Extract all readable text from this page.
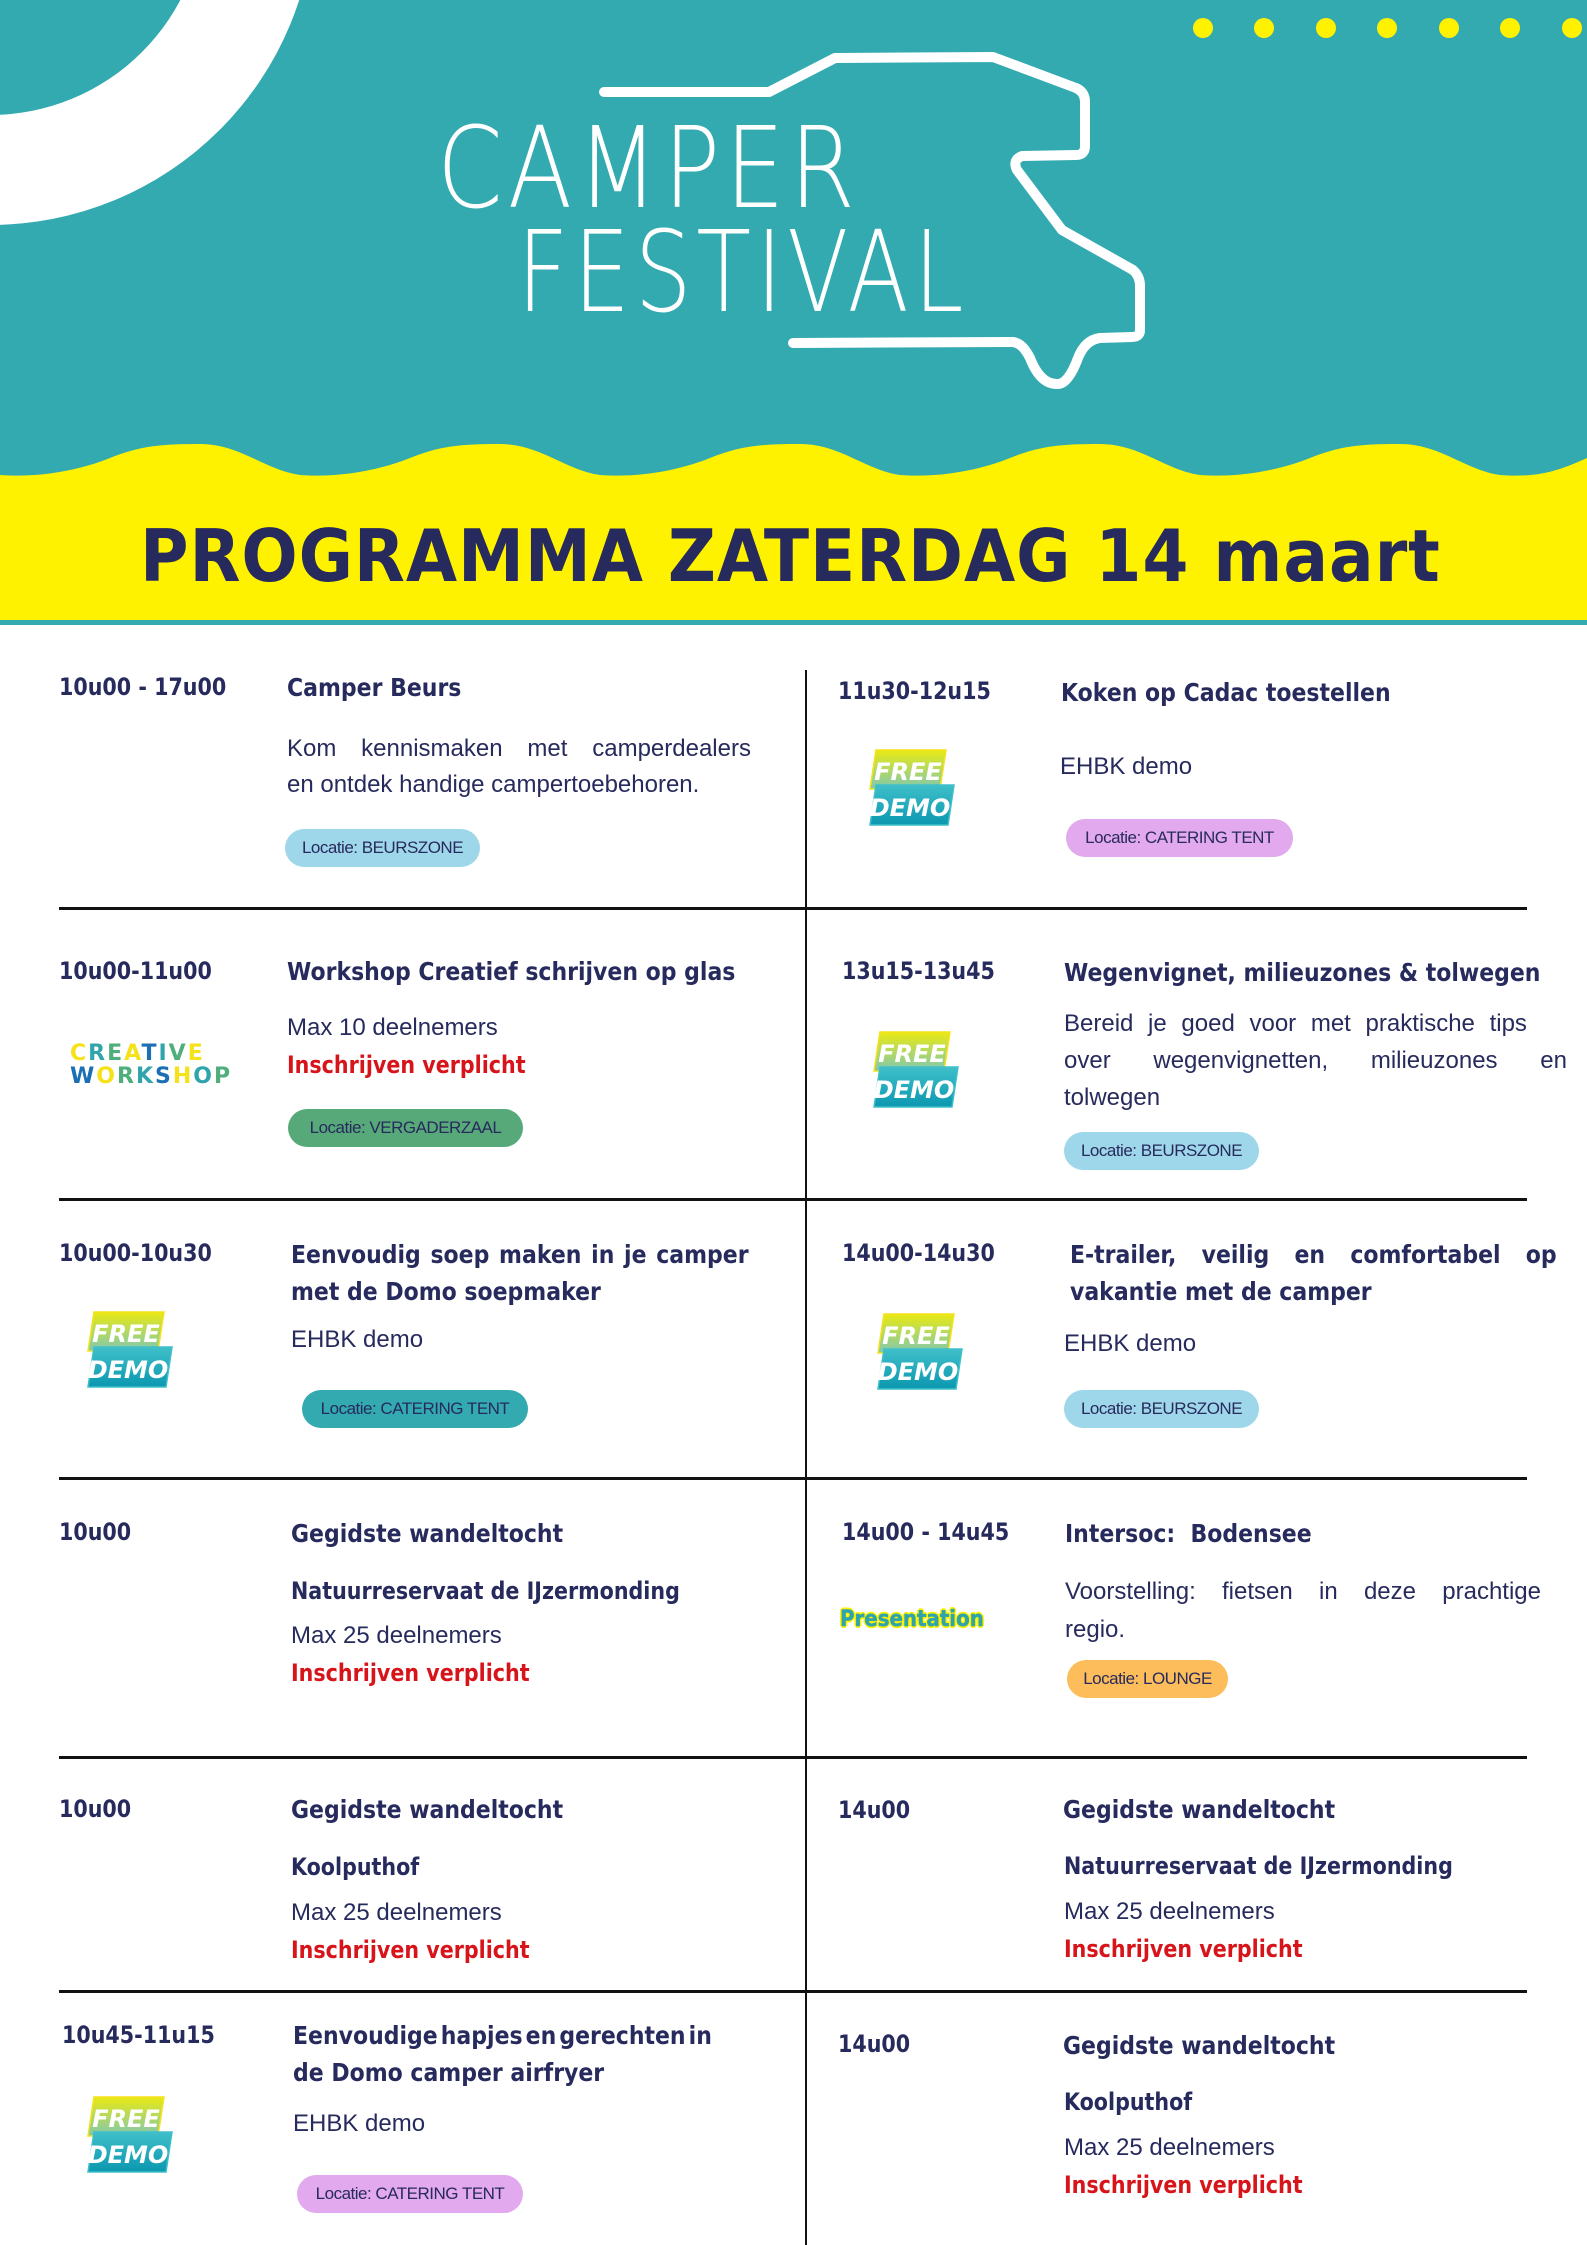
CAMPER
FESTIVAL
PROGRAMMA ZATERDAG 14 maart
10u00 - 17u00 Camper Beurs
Kom kennismaken met camperdealers
en ontdek handige campertoebehoren.
Locatie: BEURSZONE
10u00-11u00	Workshop Creatief schrijven op glas
CREATIVE
WORKSHOP
Max 10 deelnemers
Inschrijven verplicht
Locatie: VERGADERZAAL
10u00-10u30	Eenvoudig soep maken in je camper
met de Domo soepmaker
FREE
DEMO
EHBK demo
Locatie: CATERING TENT
10u00	Gegidste wandeltocht
Natuurreservaat de IJzermonding
Max 25 deelnemers
Inschrijven verplicht
10u00	Gegidste wandeltocht
Koolputhof
Max 25 deelnemers
Inschrijven verplicht
10u45-11u15	Eenvoudige hapjes en gerechten in
de Domo camper airfryer
FREE
DEMO
EHBK demo
Locatie: CATERING TENT
11u30-12u15	Koken op Cadac toestellen
FREE
DEMO
EHBK demo
Locatie: CATERING TENT
13u15-13u45	Wegenvignet, milieuzones & tolwegen
FREE
DEMO
Bereid je goed voor met praktische tips
over wegenvignetten, milieuzones en
tolwegen
Locatie: BEURSZONE
14u00-14u30	E-trailer, veilig en comfortabel op
vakantie met de camper
FREE
DEMO
EHBK demo
Locatie: BEURSZONE
14u00 - 14u45 Intersoc:  Bodensee
Presentation
Voorstelling: fietsen in deze prachtige
regio.
Locatie: LOUNGE
14u00	Gegidste wandeltocht
Natuurreservaat de IJzermonding
Max 25 deelnemers
Inschrijven verplicht
14u00	Gegidste wandeltocht
Koolputhof
Max 25 deelnemers
Inschrijven verplicht
